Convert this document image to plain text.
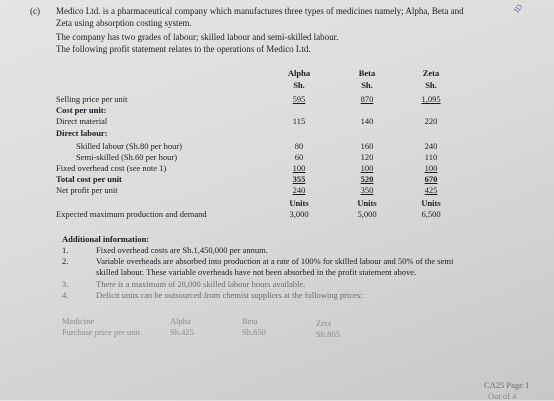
(c) Medico Ltd. is a pharmaceutical company which manufactures three types of medicines namely; Alpha, Beta and
Zeta using absorption costing system.
The company has two grades of labour; skilled labour and semi-skilled labour.
The following profit statement relates to the operations of Medico Ltd.
ID
Alpha	Beta	Zeta
Sh.	Sh.	Sh.
Selling price per unit	595	870	1,095
Cost per unit:
Direct material	115	140	220
Direct labour:
Skilled labour (Sh.80 per hour)	80	160	240
Semi-skilled (Sh.60 per hour)	60	120	110
Fixed overhead cost (see note 1)	100	100	100
Total cost per unit	355	520	670
Net profit per unit	240	350	425
Units	Units	Units
Expected maximum production and demand	3,000	5,000	6,500
Additional information:
1.	Fixed overhead costs are Sh.1,450,000 per annum.
2.	Variable overheads are absorbed into production at a rate of 100% for skilled labour and 50% of the semi
skilled labour. These variable overheads have not been absorbed in the profit statement above.
3.	There is a maximum of 28,000 skilled labour hours available.
4.	Deficit units can be outsourced from chemist suppliers at the following prices:
Medicine	Alpha	Beta	Zeta
Purchase price per unit	Sh.425	Sh.650	Sh.805
CA25 Page 1
Out of 4
